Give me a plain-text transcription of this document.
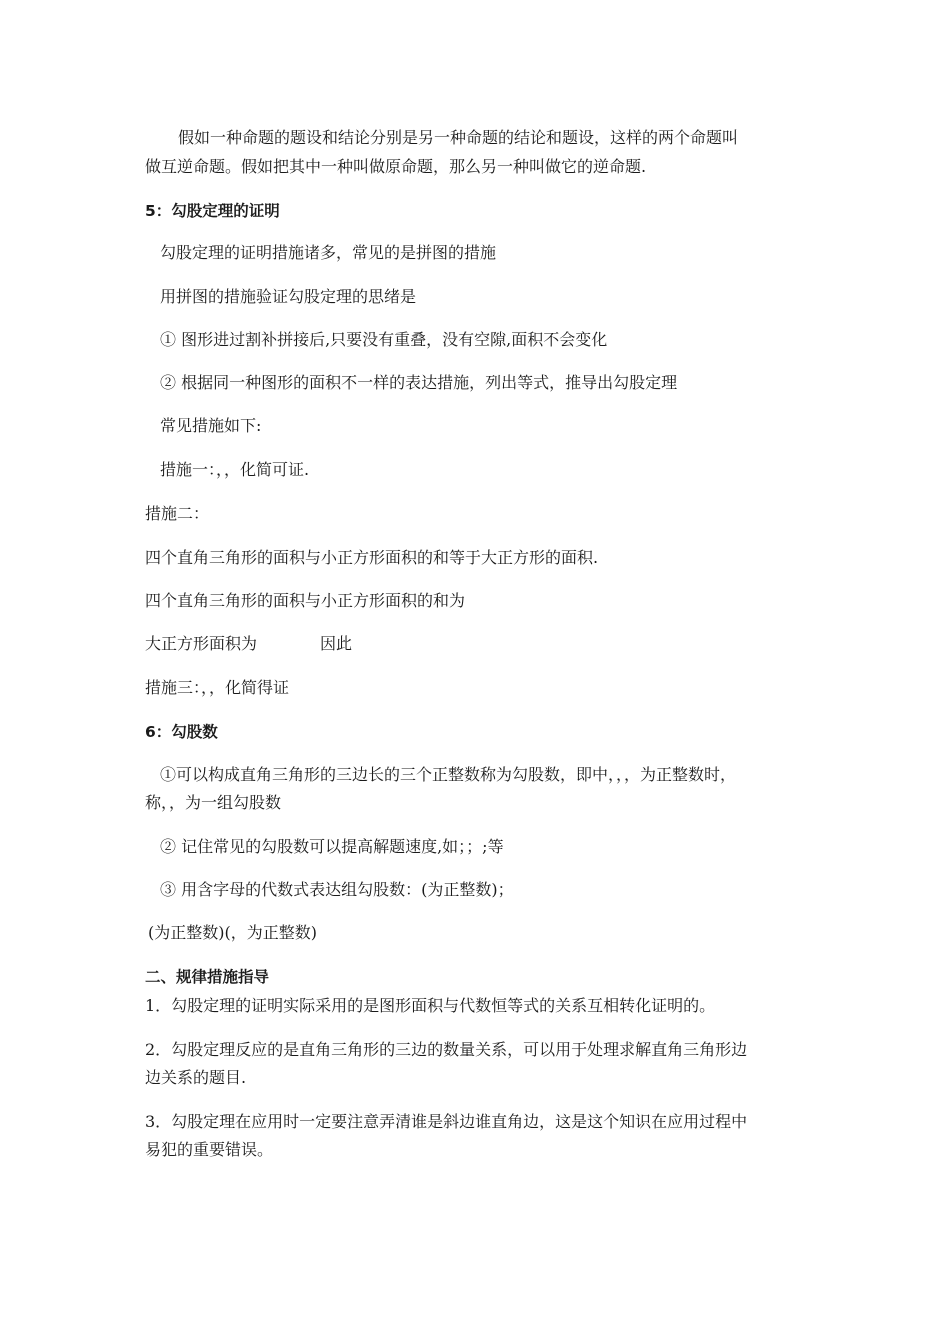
假如一种命题的题设和结论分别是另一种命题的结论和题设，这样的两个命题叫

做互逆命题。假如把其中一种叫做原命题，那么另一种叫做它的逆命题.

5：勾股定理的证明

勾股定理的证明措施诸多，常见的是拼图的措施

用拼图的措施验证勾股定理的思绪是

① 图形进过割补拼接后,只要没有重叠，没有空隙,面积不会变化

② 根据同一种图形的面积不一样的表达措施，列出等式，推导出勾股定理

常见措施如下:

措施一：，，化简可证.

措施二：

四个直角三角形的面积与小正方形面积的和等于大正方形的面积.

四个直角三角形的面积与小正方形面积的和为

大正方形面积为	因此

措施三：，，化简得证

6：勾股数

①可以构成直角三角形的三边长的三个正整数称为勾股数，即中，，，为正整数时，

称，，为一组勾股数

② 记住常见的勾股数可以提高解题速度,如；；;等

③ 用含字母的代数式表达组勾股数：(为正整数)；

(为正整数)(，为正整数)

二、规律措施指导

1．勾股定理的证明实际采用的是图形面积与代数恒等式的关系互相转化证明的。

2．勾股定理反应的是直角三角形的三边的数量关系，可以用于处理求解直角三角形边

边关系的题目.

3．勾股定理在应用时一定要注意弄清谁是斜边谁直角边，这是这个知识在应用过程中

易犯的重要错误。
